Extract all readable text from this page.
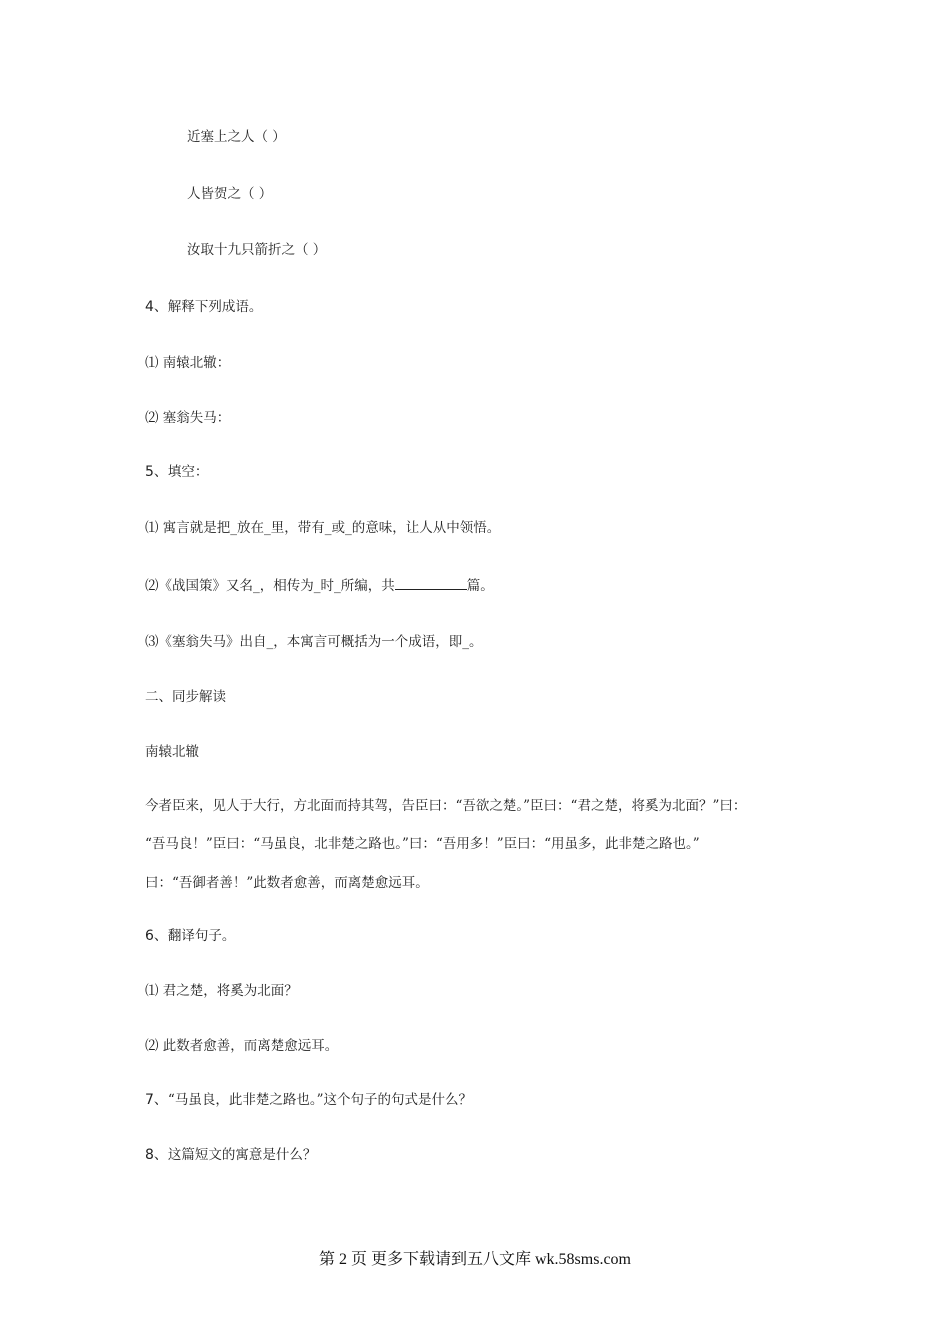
近塞上之人（ ）
人皆贺之（ ）
汝取十九只箭折之（ ）
4、解释下列成语。
⑴ 南辕北辙：
⑵ 塞翁失马：
5、填空：
⑴ 寓言就是把_放在_里，带有_或_的意味，让人从中领悟。
⑵《战国策》又名_，相传为_时_所编，共	篇。
⑶《塞翁失马》出自_，本寓言可概括为一个成语，即_。
二、同步解读
南辕北辙
今者臣来，见人于大行，方北面而持其驾，告臣曰：“吾欲之楚。”臣曰：“君之楚，将奚为北面？”曰：
“吾马良！”臣曰：“马虽良，北非楚之路也。”曰：“吾用多！”臣曰：“用虽多，此非楚之路也。”
曰：“吾御者善！”此数者愈善，而离楚愈远耳。
6、翻译句子。
⑴ 君之楚，将奚为北面？
⑵ 此数者愈善，而离楚愈远耳。
7、“马虽良，此非楚之路也。”这个句子的句式是什么？
8、这篇短文的寓意是什么？
第 2 页 更多下载请到五八文库 wk.58sms.com
